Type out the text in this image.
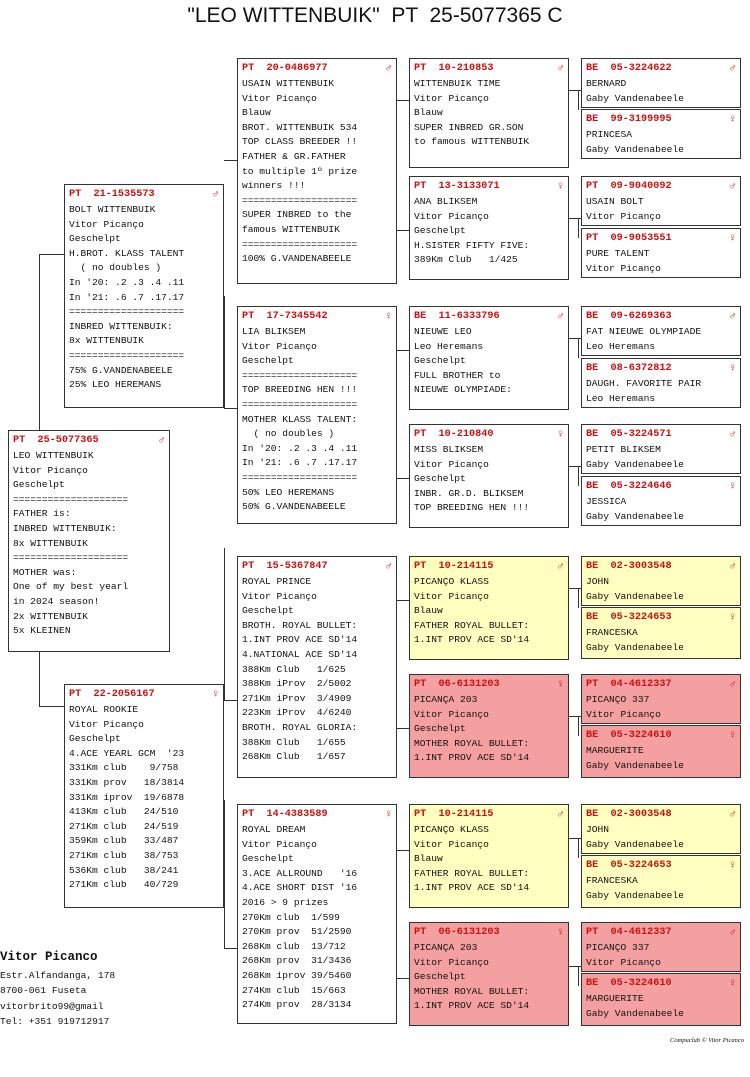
"LEO WITTENBUIK"  PT  25-5077365 C
PT  25-5077365	♂
LEO WITTENBUIK
Vitor Picanço
Geschelpt
====================
FATHER is:
INBRED WITTENBUIK:
8x WITTENBUIK
====================
MOTHER was:
One of my best yearl
in 2024 season!
2x WITTENBUIK
5x KLEINEN
PT  21-1535573	♂
BOLT WITTENBUIK
Vitor Picanço
Geschelpt
H.BROT. KLASS TALENT
( no doubles )
In '20: .2 .3 .4 .11
In '21: .6 .7 .17.17
====================
INBRED WITTENBUIK:
8x WITTENBUIK
====================
75% G.VANDENABEELE
25% LEO HEREMANS
PT  22-2056167	♀
ROYAL ROOKIE
Vitor Picanço
Geschelpt
4.ACE YEARL GCM  '23
331Km club    9/758
331Km prov   18/3814
331Km iprov  19/6878
413Km club   24/510
271Km club   24/519
359Km club   33/487
271Km club   38/753
536Km club   38/241
271Km club   40/729
PT  20-0486977	♂
USAIN WITTENBUIK
Vitor Picanço
Blauw
BROT. WITTENBUIK 534
TOP CLASS BREEDER !!
FATHER & GR.FATHER
to multiple 1º prize
winners !!!
====================
SUPER INBRED to the
famous WITTENBUIK
====================
100% G.VANDENABEELE
PT  17-7345542	♀
LIA BLIKSEM
Vitor Picanço
Geschelpt
====================
TOP BREEDING HEN !!!
====================
MOTHER KLASS TALENT:
( no doubles )
In '20: .2 .3 .4 .11
In '21: .6 .7 .17.17
====================
50% LEO HEREMANS
50% G.VANDENABEELE
PT  15-5367847	♂
ROYAL PRINCE
Vitor Picanço
Geschelpt
BROTH. ROYAL BULLET:
1.INT PROV ACE SD'14
4.NATIONAL ACE SD'14
388Km Club   1/625
388Km iProv  2/5002
271Km iProv  3/4909
223Km iProv  4/6240
BROTH. ROYAL GLORIA:
388Km Club   1/655
268Km Club   1/657
PT  14-4383589	♀
ROYAL DREAM
Vitor Picanço
Geschelpt
3.ACE ALLROUND   '16
4.ACE SHORT DIST '16
2016 > 9 prizes
270Km club  1/599
270Km prov  51/2590
268Km club  13/712
268Km prov  31/3436
268Km iprov 39/5460
274Km club  15/663
274Km prov  28/3134
PT  10-210853	♂
WITTENBUIK TIME
Vitor Picanço
Blauw
SUPER INBRED GR.SON
to famous WITTENBUIK
PT  13-3133071	♀
ANA BLIKSEM
Vitor Picanço
Geschelpt
H.SISTER FIFTY FIVE:
389Km Club   1/425
BE  11-6333796	♂
NIEUWE LEO
Leo Heremans
Geschelpt
FULL BROTHER to
NIEUWE OLYMPIADE:
PT  10-210840	♀
MISS BLIKSEM
Vitor Picanço
Geschelpt
INBR. GR.D. BLIKSEM
TOP BREEDING HEN !!!
PT  10-214115	♂
PICANÇO KLASS
Vitor Picanço
Blauw
FATHER ROYAL BULLET:
1.INT PROV ACE SD'14
PT  06-6131203	♀
PICANÇA 203
Vitor Picanço
Geschelpt
MOTHER ROYAL BULLET:
1.INT PROV ACE SD'14
PT  10-214115	♂
PICANÇO KLASS
Vitor Picanço
Blauw
FATHER ROYAL BULLET:
1.INT PROV ACE SD'14
PT  06-6131203	♀
PICANÇA 203
Vitor Picanço
Geschelpt
MOTHER ROYAL BULLET:
1.INT PROV ACE SD'14
BE  05-3224622	♂
BERNARD
Gaby Vandenabeele
BE  99-3199995	♀
PRINCESA
Gaby Vandenabeele
PT  09-9040092	♂
USAIN BOLT
Vitor Picanço
PT  09-9053551	♀
PURE TALENT
Vitor Picanço
BE  09-6269363	♂
FAT NIEUWE OLYMPIADE
Leo Heremans
BE  08-6372812	♀
DAUGH. FAVORITE PAIR
Leo Heremans
BE  05-3224571	♂
PETIT BLIKSEM
Gaby Vandenabeele
BE  05-3224646	♀
JESSICA
Gaby Vandenabeele
BE  02-3003548	♂
JOHN
Gaby Vandenabeele
BE  05-3224653	♀
FRANCESKA
Gaby Vandenabeele
PT  04-4612337	♂
PICANÇO 337
Vitor Picanço
BE  05-3224610	♀
MARGUERITE
Gaby Vandenabeele
BE  02-3003548	♂
JOHN
Gaby Vandenabeele
BE  05-3224653	♀
FRANCESKA
Gaby Vandenabeele
PT  04-4612337	♂
PICANÇO 337
Vitor Picanço
BE  05-3224610	♀
MARGUERITE
Gaby Vandenabeele
Vitor Picanco
Estr.Alfandanga, 178
8700-061 Fuseta
vitorbrito99@gmail
Tel: +351 919712917
Compuclub © Vitor Picanco
